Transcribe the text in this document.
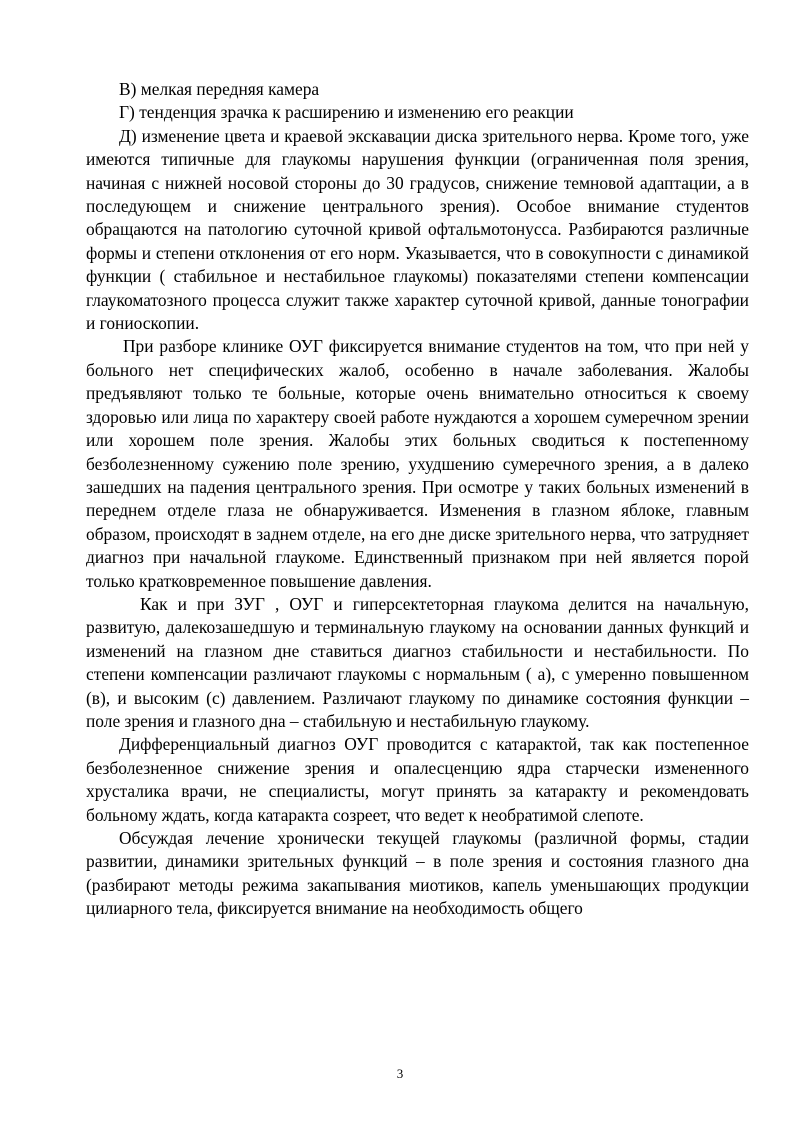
В) мелкая передняя камера

Г) тенденция зрачка к расширению и изменению его реакции

Д) изменение цвета и краевой экскавации диска зрительного нерва. Кроме того, уже имеются типичные для глаукомы нарушения функции (ограниченная поля зрения, начиная с нижней носовой стороны до 30 градусов, снижение темновой адаптации, а в последующем и снижение центрального зрения). Особое внимание студентов обращаются на патологию суточной кривой офтальмотонусса. Разбираются различные формы и степени отклонения от его норм. Указывается, что в совокупности с динамикой функции ( стабильное и нестабильное глаукомы) показателями степени компенсации глаукоматозного процесса служит также характер суточной кривой, данные тонографии и гониоскопии.

При разборе клинике ОУГ фиксируется внимание студентов на том, что при ней у больного нет специфических жалоб, особенно в начале заболевания. Жалобы предъявляют только те больные, которые очень внимательно относиться к своему здоровью или лица по характеру своей работе нуждаются а хорошем сумеречном зрении или хорошем поле зрения. Жалобы этих больных сводиться к постепенному безболезненному сужению поле зрению, ухудшению сумеречного зрения, а в далеко зашедших на падения центрального зрения. При осмотре у таких больных изменений в переднем отделе глаза не обнаруживается. Изменения в глазном яблоке, главным образом, происходят в заднем отделе, на его дне диске зрительного нерва, что затрудняет диагноз при начальной глаукоме. Единственный признаком при ней является порой только кратковременное повышение давления.

Как и при ЗУГ , ОУГ и гиперсектеторная глаукома делится на начальную, развитую, далекозашедшую и терминальную глаукому на основании данных функций и изменений на глазном дне ставиться диагноз стабильности и нестабильности. По степени компенсации различают глаукомы с нормальным ( а), с умеренно повышенном (в), и высоким (с) давлением. Различают глаукому по динамике состояния функции – поле зрения и глазного дна – стабильную и нестабильную глаукому.

Дифференциальный диагноз ОУГ проводится с катарактой, так как постепенное безболезненное снижение зрения и опалесценцию ядра старчески измененного хрусталика врачи, не специалисты, могут принять за катаракту и рекомендовать больному ждать, когда катаракта созреет, что ведет к необратимой слепоте.

Обсуждая лечение хронически текущей глаукомы (различной формы, стадии развитии, динамики зрительных функций – в поле зрения и состояния глазного дна (разбирают методы режима закапывания миотиков, капель уменьшающих продукции цилиарного тела, фиксируется внимание на необходимость общего

3
